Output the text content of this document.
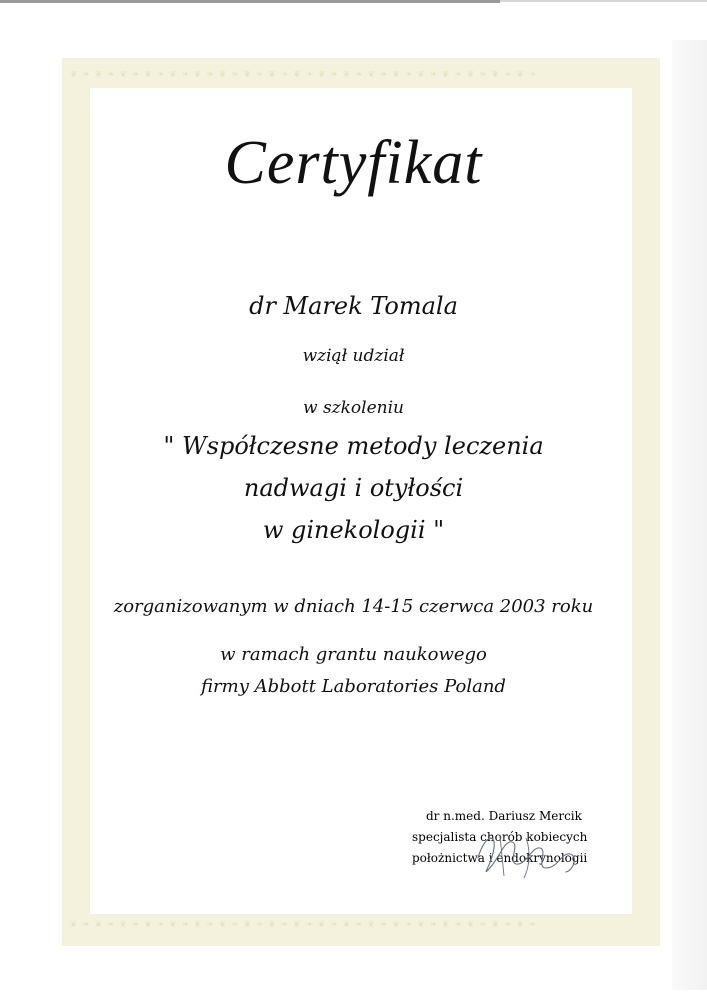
❦ ❧ ❦ ❧ ❦ ❧ ❦ ❧ ❦ ❧ ❦ ❧ ❦ ❧ ❦ ❧ ❦ ❧ ❦ ❧ ❦ ❧ ❦ ❧ ❦ ❧ ❦ ❧ ❦ ❧ ❦ ❧ ❦ ❧ ❦ ❧ ❦ ❧
❦ ❧ ❦ ❧ ❦ ❧ ❦ ❧ ❦ ❧ ❦ ❧ ❦ ❧ ❦ ❧ ❦ ❧ ❦ ❧ ❦ ❧ ❦ ❧ ❦ ❧ ❦ ❧ ❦ ❧ ❦ ❧ ❦ ❧ ❦ ❧ ❦ ❧
Certyfikat
dr Marek Tomala
wziął udział
w szkoleniu
" Współczesne metody leczenia
nadwagi i otyłości
w ginekologii "
zorganizowanym w dniach 14-15 czerwca 2003 roku
w ramach grantu naukowego
firmy Abbott Laboratories Poland
dr n.med. Dariusz Mercik
specjalista chorób kobiecych
położnictwa i endokrynologii
